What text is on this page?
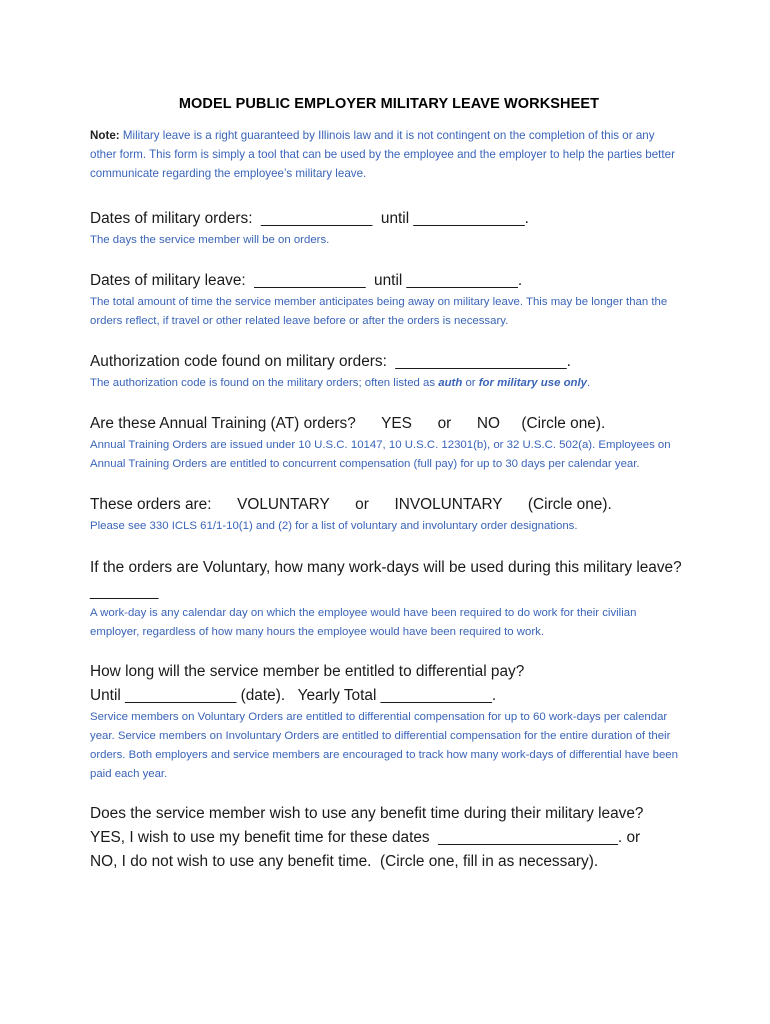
MODEL PUBLIC EMPLOYER MILITARY LEAVE WORKSHEET
Note: Military leave is a right guaranteed by Illinois law and it is not contingent on the completion of this or any other form. This form is simply a tool that can be used by the employee and the employer to help the parties better communicate regarding the employee’s military leave.
Dates of military orders:  _____________  until _____________.
The days the service member will be on orders.
Dates of military leave:  _____________  until _____________.
The total amount of time the service member anticipates being away on military leave. This may be longer than the orders reflect, if travel or other related leave before or after the orders is necessary.
Authorization code found on military orders:  ____________________.
The authorization code is found on the military orders; often listed as auth or for military use only.
Are these Annual Training (AT) orders?      YES      or      NO     (Circle one).
Annual Training Orders are issued under 10 U.S.C. 10147, 10 U.S.C. 12301(b), or 32 U.S.C. 502(a). Employees on Annual Training Orders are entitled to concurrent compensation (full pay) for up to 30 days per calendar year.
These orders are:      VOLUNTARY      or      INVOLUNTARY      (Circle one).
Please see 330 ICLS 61/1-10(1) and (2) for a list of voluntary and involuntary order designations.
If the orders are Voluntary, how many work-days will be used during this military leave? ________
A work-day is any calendar day on which the employee would have been required to do work for their civilian employer, regardless of how many hours the employee would have been required to work.
How long will the service member be entitled to differential pay?
Until _____________ (date).   Yearly Total _____________.
Service members on Voluntary Orders are entitled to differential compensation for up to 60 work-days per calendar year. Service members on Involuntary Orders are entitled to differential compensation for the entire duration of their orders. Both employers and service members are encouraged to track how many work-days of differential have been paid each year.
Does the service member wish to use any benefit time during their military leave?
YES, I wish to use my benefit time for these dates  _____________________. or
NO, I do not wish to use any benefit time.  (Circle one, fill in as necessary).
